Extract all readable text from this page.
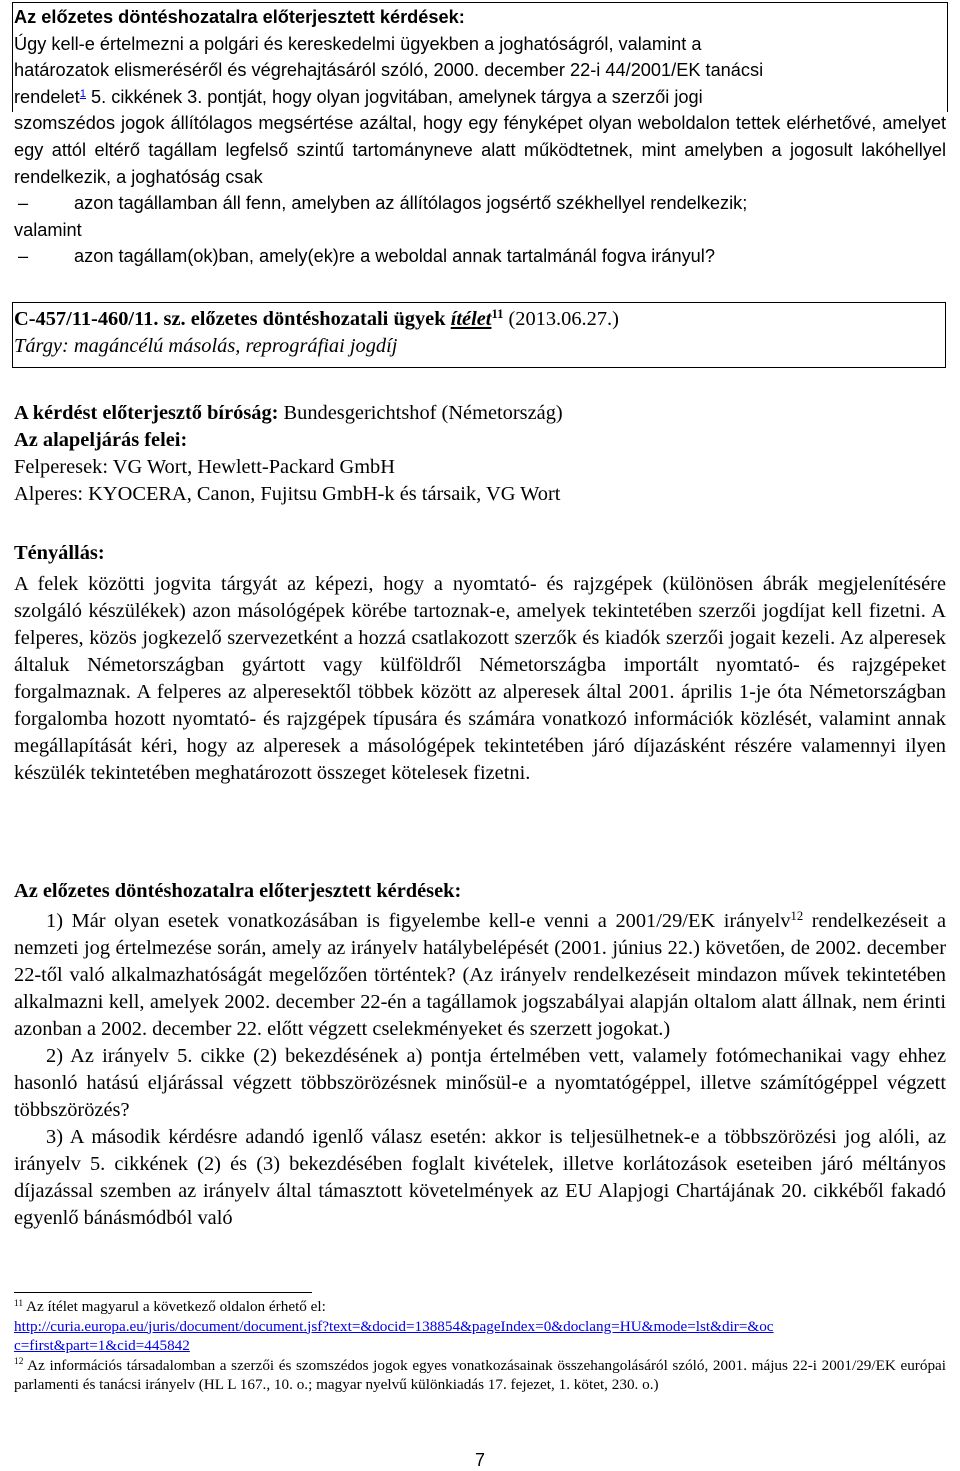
Az előzetes döntéshozatalra előterjesztett kérdések:
Úgy kell-e értelmezni a polgári és kereskedelmi ügyekben a joghatóságról, valamint a
határozatok elismeréséről és végrehajtásáról szóló, 2000. december 22-i 44/2001/EK tanácsi
rendelet$^1$ 5. cikkének 3. pontját, hogy olyan jogvitában, amelynek tárgya a szerzői jogi
szomszédos jogok állítólagos megsértése azáltal, hogy egy fényképet olyan weboldalon tettek elérhetővé, amelyet egy attól eltérő tagállam legfelső szintű tartományneve alatt működtetnek, mint amelyben a jogosult lakóhellyel rendelkezik, a joghatóság csak
–	azon tagállamban áll fenn, amelyben az állítólagos jogsértő székhellyel rendelkezik;
valamint
–	azon tagállam(ok)ban, amely(ek)re a weboldal annak tartalmánál fogva irányul?
C-457/11-460/11. sz. előzetes döntéshozatali ügyek ítélet$^{11}$ (2013.06.27.)
Tárgy: magáncélú másolás, reprográfiai jogdíj
A kérdést előterjesztő bíróság: Bundesgerichtshof (Németország)
Az alapeljárás felei:
Felperesek: VG Wort, Hewlett-Packard GmbH
Alperes: KYOCERA, Canon, Fujitsu GmbH-k és társaik, VG Wort
Tényállás:
A felek közötti jogvita tárgyát az képezi, hogy a nyomtató- és rajzgépek (különösen ábrák megjelenítésére szolgáló készülékek) azon másológépek körébe tartoznak-e, amelyek tekintetében szerzői jogdíjat kell fizetni. A felperes, közös jogkezelő szervezetként a hozzá csatlakozott szerzők és kiadók szerzői jogait kezeli. Az alperesek általuk Németországban gyártott vagy külföldről Németországba importált nyomtató- és rajzgépeket forgalmaznak. A felperes az alperesektől többek között az alperesek által 2001. április 1-je óta Németországban forgalomba hozott nyomtató- és rajzgépek típusára és számára vonatkozó információk közlését, valamint annak megállapítását kéri, hogy az alperesek a másológépek tekintetében járó díjazásként részére valamennyi ilyen készülék tekintetében meghatározott összeget kötelesek fizetni.
Az előzetes döntéshozatalra előterjesztett kérdések:
1) Már olyan esetek vonatkozásában is figyelembe kell-e venni a 2001/29/EK irányelv$^{12}$ rendelkezéseit a nemzeti jog értelmezése során, amely az irányelv hatálybelépését (2001. június 22.) követően, de 2002. december 22-től való alkalmazhatóságát megelőzően történtek? (Az irányelv rendelkezéseit mindazon művek tekintetében alkalmazni kell, amelyek 2002. december 22-én a tagállamok jogszabályai alapján oltalom alatt állnak, nem érinti azonban a 2002. december 22. előtt végzett cselekményeket és szerzett jogokat.)
2) Az irányelv 5. cikke (2) bekezdésének a) pontja értelmében vett, valamely fotómechanikai vagy ehhez hasonló hatású eljárással végzett többszörözésnek minősül-e a nyomtatógéppel, illetve számítógéppel végzett többszörözés?
3) A második kérdésre adandó igenlő válasz esetén: akkor is teljesülhetnek-e a többszörözési jog alóli, az irányelv 5. cikkének (2) és (3) bekezdésében foglalt kivételek, illetve korlátozások eseteiben járó méltányos díjazással szemben az irányelv által támasztott követelmények az EU Alapjogi Chartájának 20. cikkéből fakadó egyenlő bánásmódból való
$^{11}$ Az ítélet magyarul a következő oldalon érhető el:
http://curia.europa.eu/juris/document/document.jsf?text=&docid=138854&pageIndex=0&doclang=HU&mode=lst&dir=&oc
c=first&part=1&cid=445842
$^{12}$ Az információs társadalomban a szerzői és szomszédos jogok egyes vonatkozásainak összehangolásáról szóló, 2001. május 22-i 2001/29/EK európai parlamenti és tanácsi irányelv (HL L 167., 10. o.; magyar nyelvű különkiadás 17. fejezet, 1. kötet, 230. o.)
7
